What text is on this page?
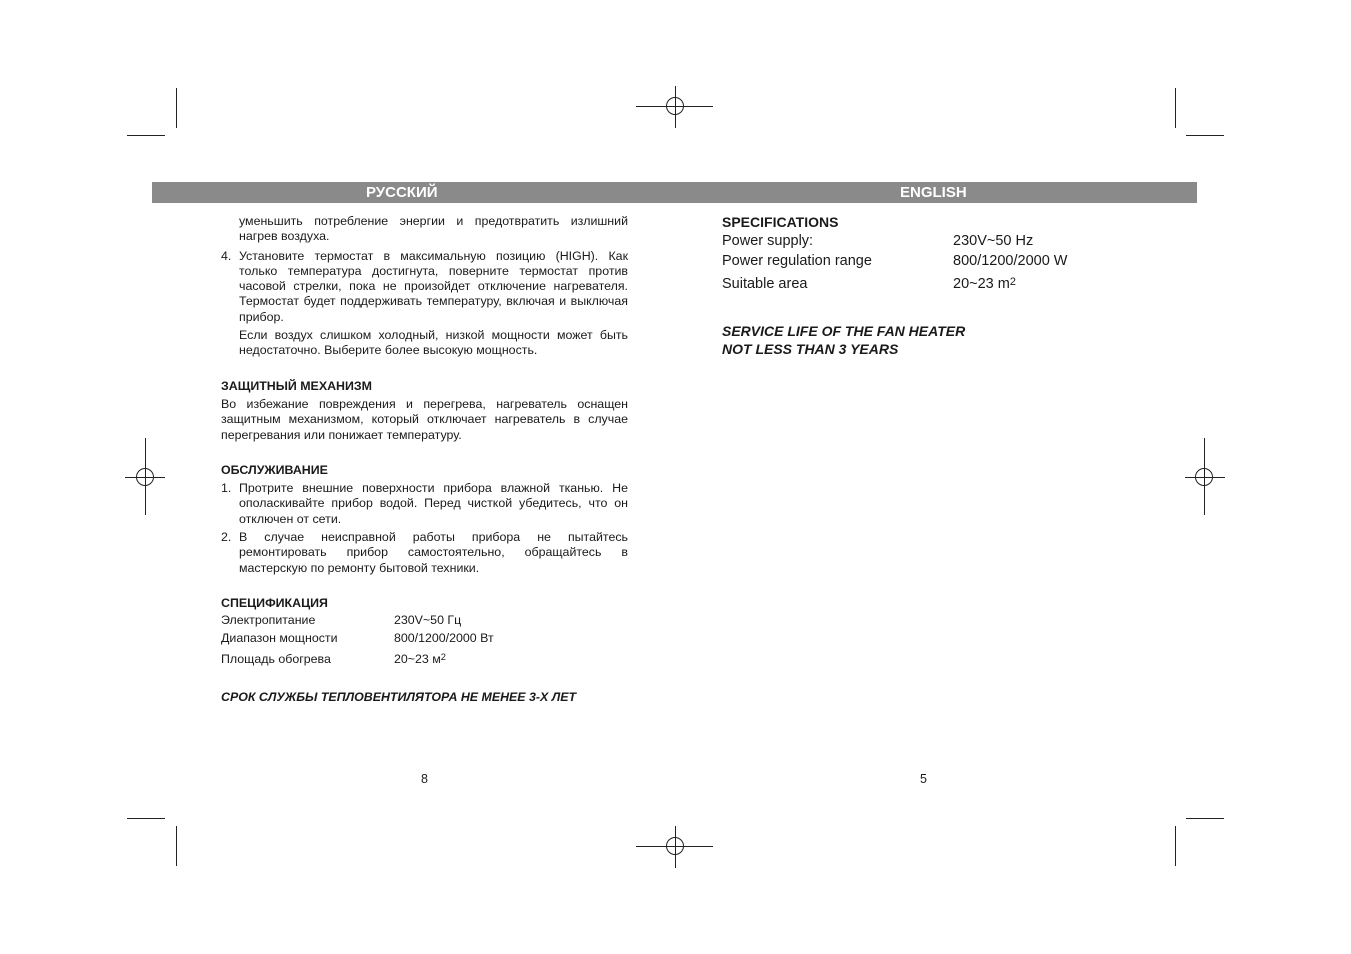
РУССКИЙ	ENGLISH

уменьшить потребление энергии и предотвратить излишний нагрев воздуха.

4. Установите термостат в максимальную позицию (HIGH). Как только температура достигнута, поверните термостат против часовой стрелки, пока не произойдет отключение нагревателя. Термостат будет поддерживать температуру, включая и выключая прибор.

Если воздух слишком холодный, низкой мощности может быть недостаточно. Выберите более высокую мощность.

ЗАЩИТНЫЙ МЕХАНИЗМ

Во избежание повреждения и перегрева, нагреватель оснащен защитным механизмом, который отключает нагреватель в случае перегревания или понижает температуру.

ОБСЛУЖИВАНИЕ

1. Протрите внешние поверхности прибора влажной тканью. Не ополаскивайте прибор водой. Перед чисткой убедитесь, что он отключен от сети.
2. В случае неисправной работы прибора не пытайтесь ремонтировать прибор самостоятельно, обращайтесь в мастерскую по ремонту бытовой техники.

СПЕЦИФИКАЦИЯ

Электропитание	230V~50 Гц
Диапазон мощности	800/1200/2000 Вт
Площадь обогрева	20~23 $м^2$

СРОК СЛУЖБЫ ТЕПЛОВЕНТИЛЯТОРА НЕ МЕНЕЕ 3-Х ЛЕТ

SPECIFICATIONS

Power supply:	230V~50 Hz
Power regulation range	800/1200/2000 W
Suitable area	20~23 $m^2$

SERVICE LIFE OF THE FAN HEATER

NOT LESS THAN 3 YEARS

8	5
